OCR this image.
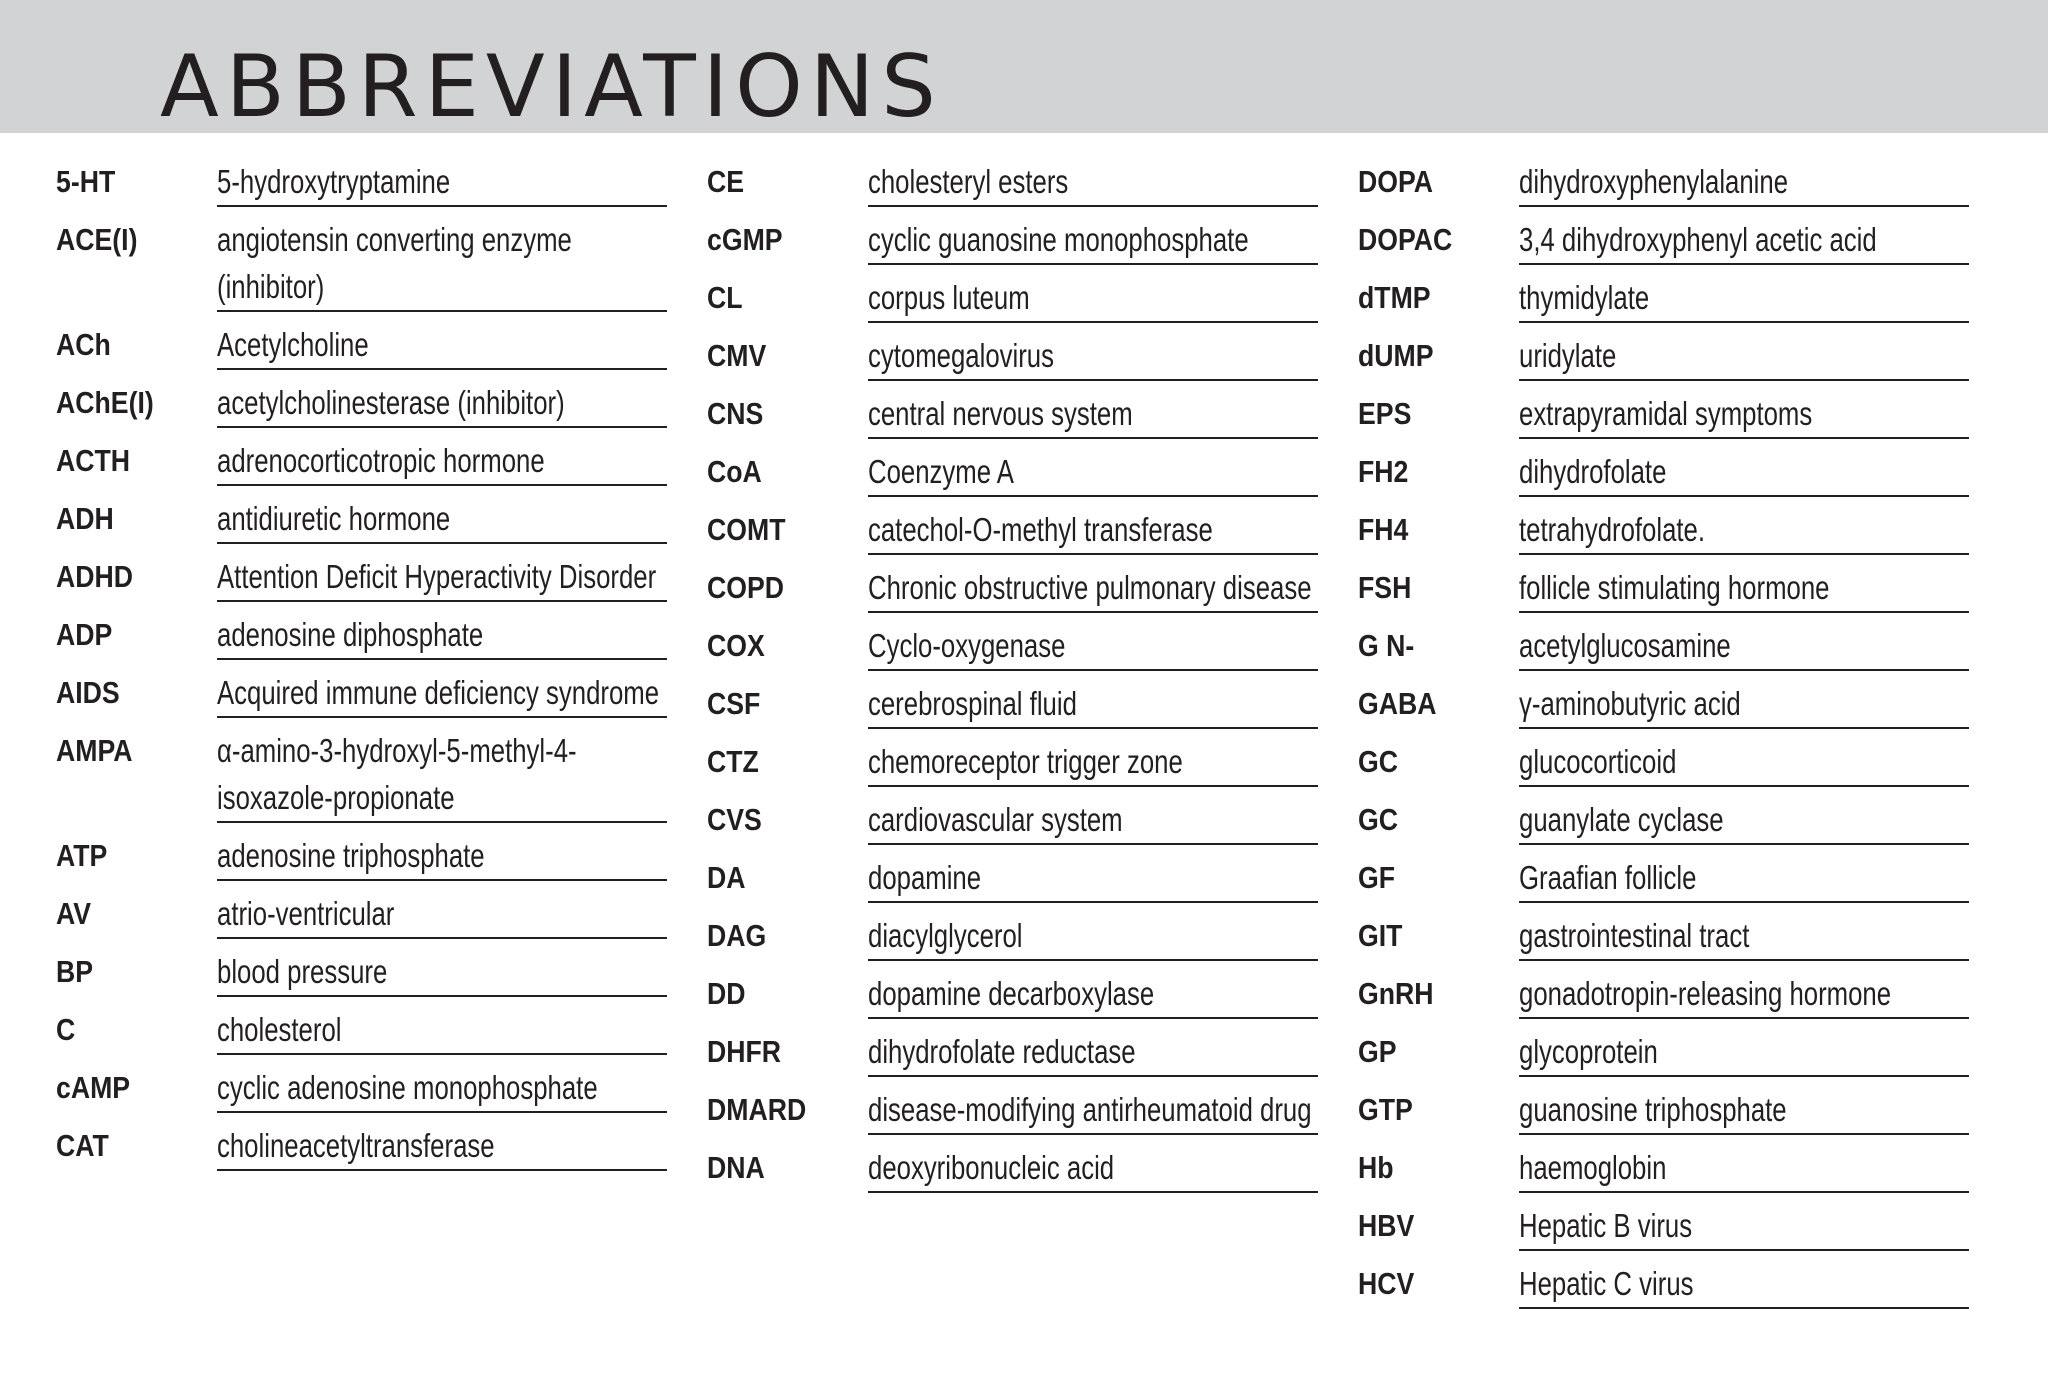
ABBREVIATIONS
5-HT	5-hydroxytryptamine
ACE(I)	angiotensin converting enzyme (inhibitor)
ACh	Acetylcholine
AChE(I)	acetylcholinesterase (inhibitor)
ACTH	adrenocorticotropic hormone
ADH	antidiuretic hormone
ADHD	Attention Deficit Hyperactivity Disorder
ADP	adenosine diphosphate
AIDS	Acquired immune deficiency syndrome
AMPA	α-amino-3-hydroxyl-5-methyl-4-isoxazole-propionate
ATP	adenosine triphosphate
AV	atrio-ventricular
BP	blood pressure
C	cholesterol
cAMP	cyclic adenosine monophosphate
CAT	cholineacetyltransferase
CE	cholesteryl esters
cGMP	cyclic guanosine monophosphate
CL	corpus luteum
CMV	cytomegalovirus
CNS	central nervous system
CoA	Coenzyme A
COMT	catechol-O-methyl transferase
COPD	Chronic obstructive pulmonary disease
COX	Cyclo-oxygenase
CSF	cerebrospinal fluid
CTZ	chemoreceptor trigger zone
CVS	cardiovascular system
DA	dopamine
DAG	diacylglycerol
DD	dopamine decarboxylase
DHFR	dihydrofolate reductase
DMARD	disease-modifying antirheumatoid drug
DNA	deoxyribonucleic acid
DOPA	dihydroxyphenylalanine
DOPAC	3,4 dihydroxyphenyl acetic acid
dTMP	thymidylate
dUMP	uridylate
EPS	extrapyramidal symptoms
FH2	dihydrofolate
FH4	tetrahydrofolate.
FSH	follicle stimulating hormone
G N-	acetylglucosamine
GABA	γ-aminobutyric acid
GC	glucocorticoid
GC	guanylate cyclase
GF	Graafian follicle
GIT	gastrointestinal tract
GnRH	gonadotropin-releasing hormone
GP	glycoprotein
GTP	guanosine triphosphate
Hb	haemoglobin
HBV	Hepatic B virus
HCV	Hepatic C virus
